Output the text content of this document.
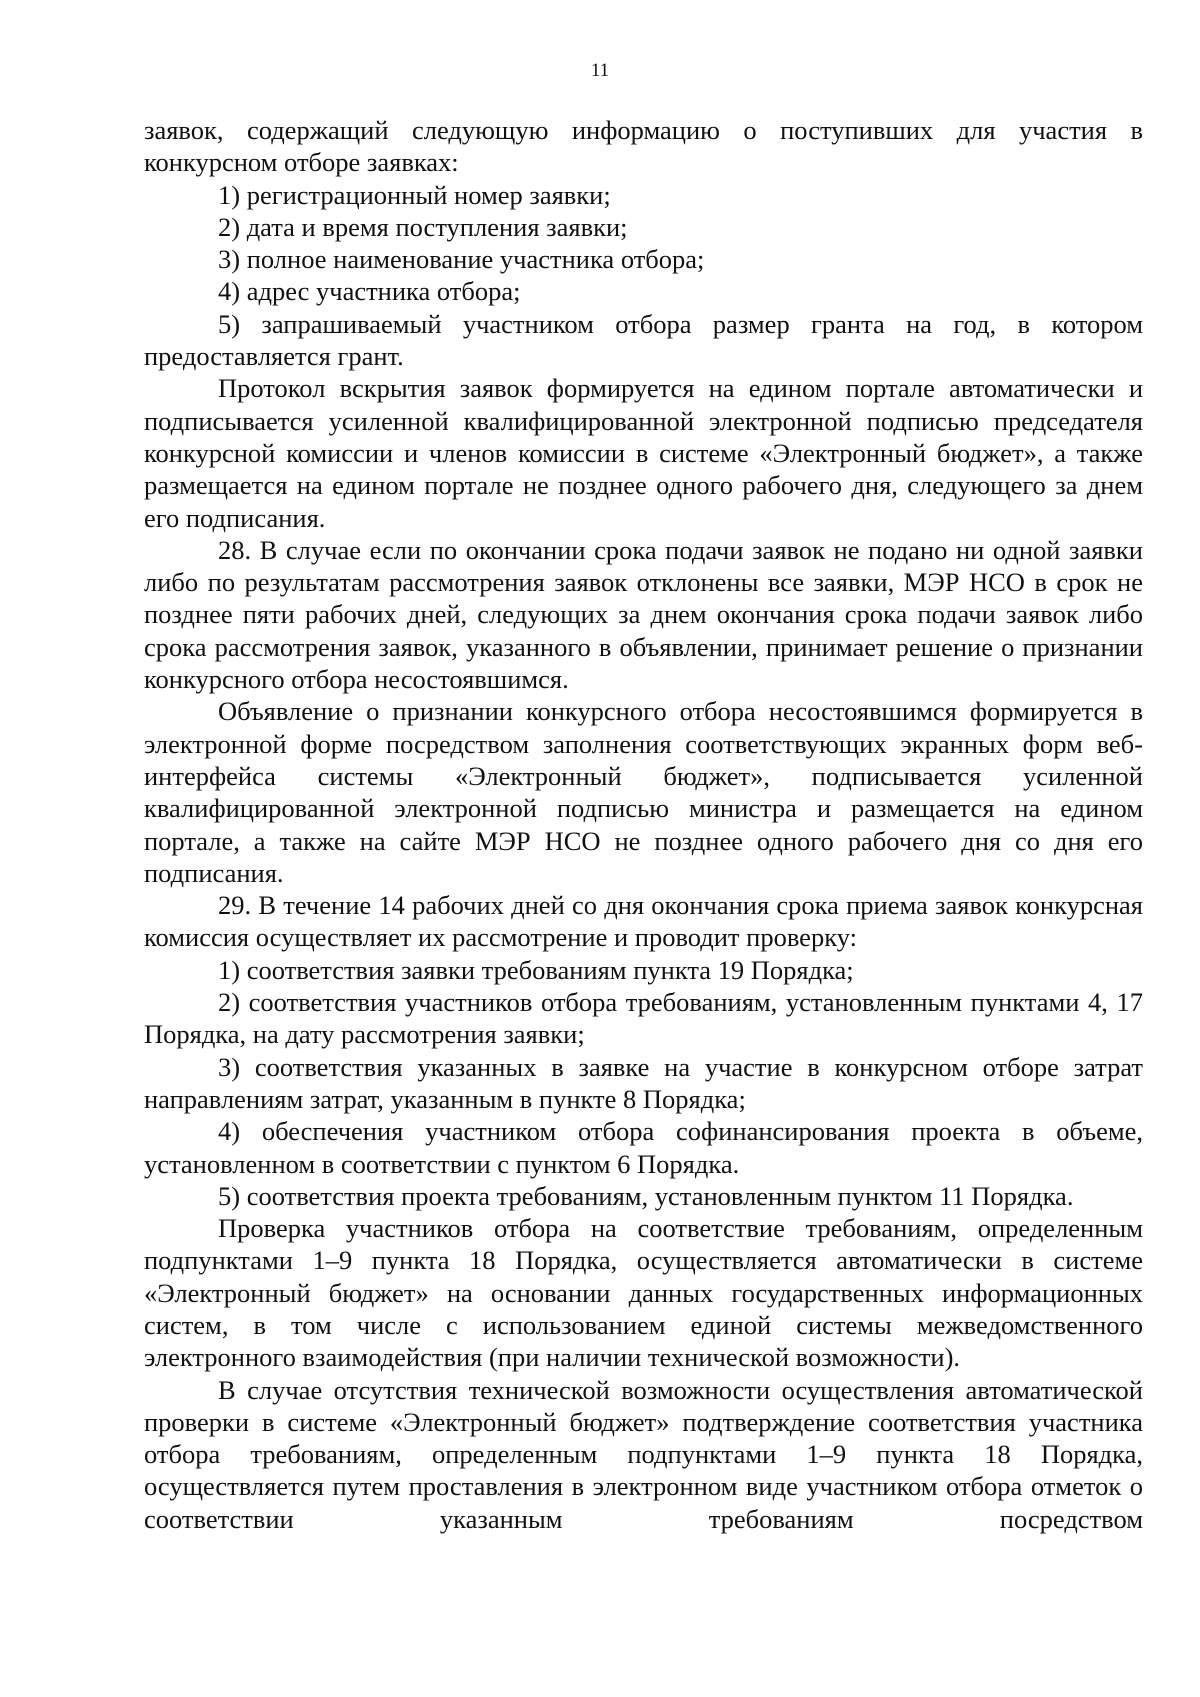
11

заявок, содержащий следующую информацию о поступивших для участия в конкурсном отборе заявках:

1) регистрационный номер заявки;

2) дата и время поступления заявки;

3) полное наименование участника отбора;

4) адрес участника отбора;

5) запрашиваемый участником отбора размер гранта на год, в котором предоставляется грант.

Протокол вскрытия заявок формируется на едином портале автоматически и подписывается усиленной квалифицированной электронной подписью председателя конкурсной комиссии и членов комиссии в системе «Электронный бюджет», а также размещается на едином портале не позднее одного рабочего дня, следующего за днем его подписания.

28. В случае если по окончании срока подачи заявок не подано ни одной заявки либо по результатам рассмотрения заявок отклонены все заявки, МЭР НСО в срок не позднее пяти рабочих дней, следующих за днем окончания срока подачи заявок либо срока рассмотрения заявок, указанного в объявлении, принимает решение о признании конкурсного отбора несостоявшимся.

Объявление о признании конкурсного отбора несостоявшимся формируется в электронной форме посредством заполнения соответствующих экранных форм веб-интерфейса системы «Электронный бюджет», подписывается усиленной квалифицированной электронной подписью министра и размещается на едином портале, а также на сайте МЭР НСО не позднее одного рабочего дня со дня его подписания.

29. В течение 14 рабочих дней со дня окончания срока приема заявок конкурсная комиссия осуществляет их рассмотрение и проводит проверку:

1) соответствия заявки требованиям пункта 19 Порядка;

2) соответствия участников отбора требованиям, установленным пунктами 4, 17 Порядка, на дату рассмотрения заявки;

3) соответствия указанных в заявке на участие в конкурсном отборе затрат направлениям затрат, указанным в пункте 8 Порядка;

4) обеспечения участником отбора софинансирования проекта в объеме, установленном в соответствии с пунктом 6 Порядка.

5) соответствия проекта требованиям, установленным пунктом 11 Порядка.

Проверка участников отбора на соответствие требованиям, определенным подпунктами 1–9 пункта 18 Порядка, осуществляется автоматически в системе «Электронный бюджет» на основании данных государственных информационных систем, в том числе с использованием единой системы межведомственного электронного взаимодействия (при наличии технической возможности).

В случае отсутствия технической возможности осуществления автоматической проверки в системе «Электронный бюджет» подтверждение соответствия участника отбора требованиям, определенным подпунктами 1–9 пункта 18 Порядка, осуществляется путем проставления в электронном виде участником отбора отметок о соответствии указанным требованиям посредством
